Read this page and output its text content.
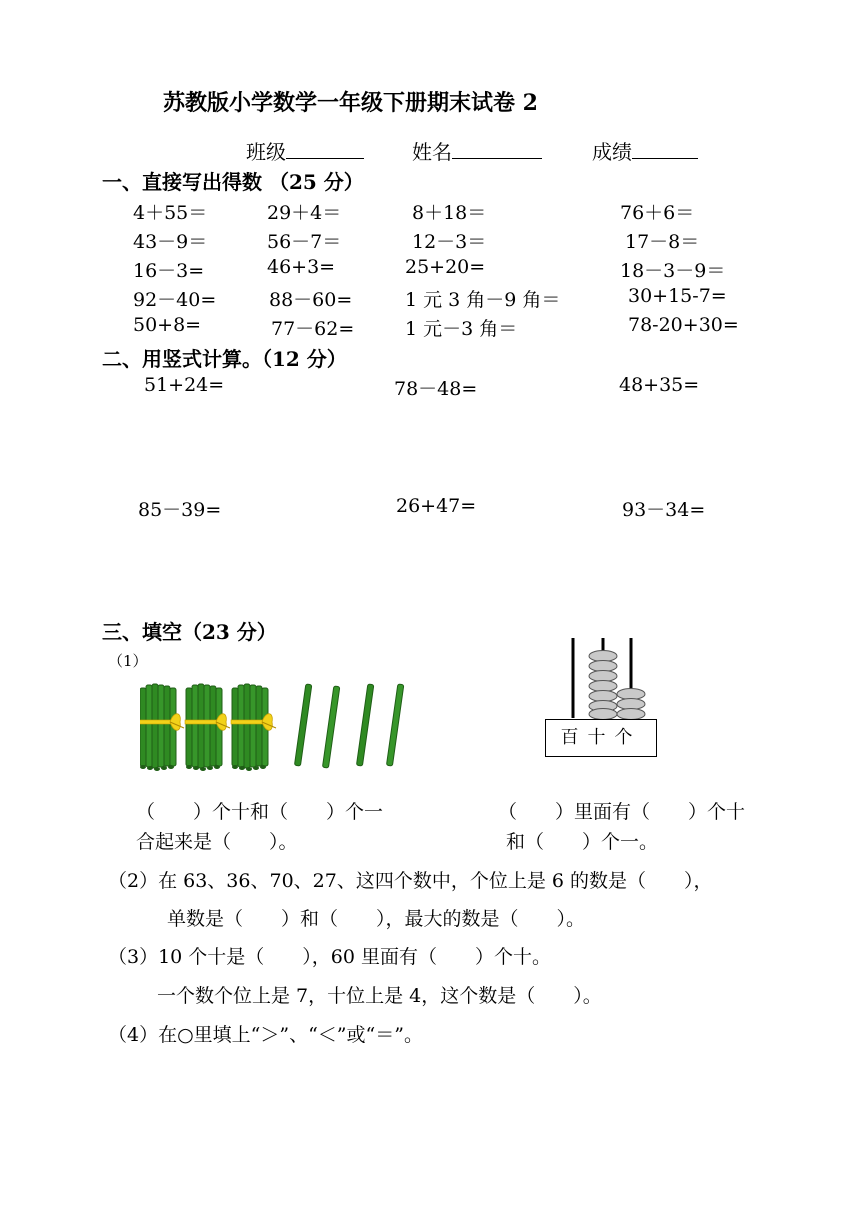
苏教版小学数学一年级下册期末试卷 2
班级	姓名	成绩
一、直接写出得数 （25 分）
4＋55＝	29＋4＝	8＋18＝	76＋6＝
43－9＝	56－7＝	12－3＝	17－8＝
16－3=	46+3=	25+20=	18－3－9＝
92－40=	88－60=	1 元 3 角－9 角＝	30+15-7=
50+8=	77－62=	1 元－3 角＝	78-20+30=
二、用竖式计算。（12 分）
51+24=	78－48=	48+35=
85－39=	26+47=	93－34=
三、填空（23 分）
（1）
百十个
（　　）个十和（　　）个一
合起来是（　　）。
（　　）里面有（　　）个十
和（　　）个一。
（2）在 63、36、70、27、这四个数中，个位上是 6 的数是（　　），
单数是（　　）和（　　），最大的数是（　　）。
（3）10 个十是（　　），60 里面有（　　）个十。
一个数个位上是 7，十位上是 4，这个数是（　　）。
（4）在○里填上“＞”、“＜”或“＝”。
